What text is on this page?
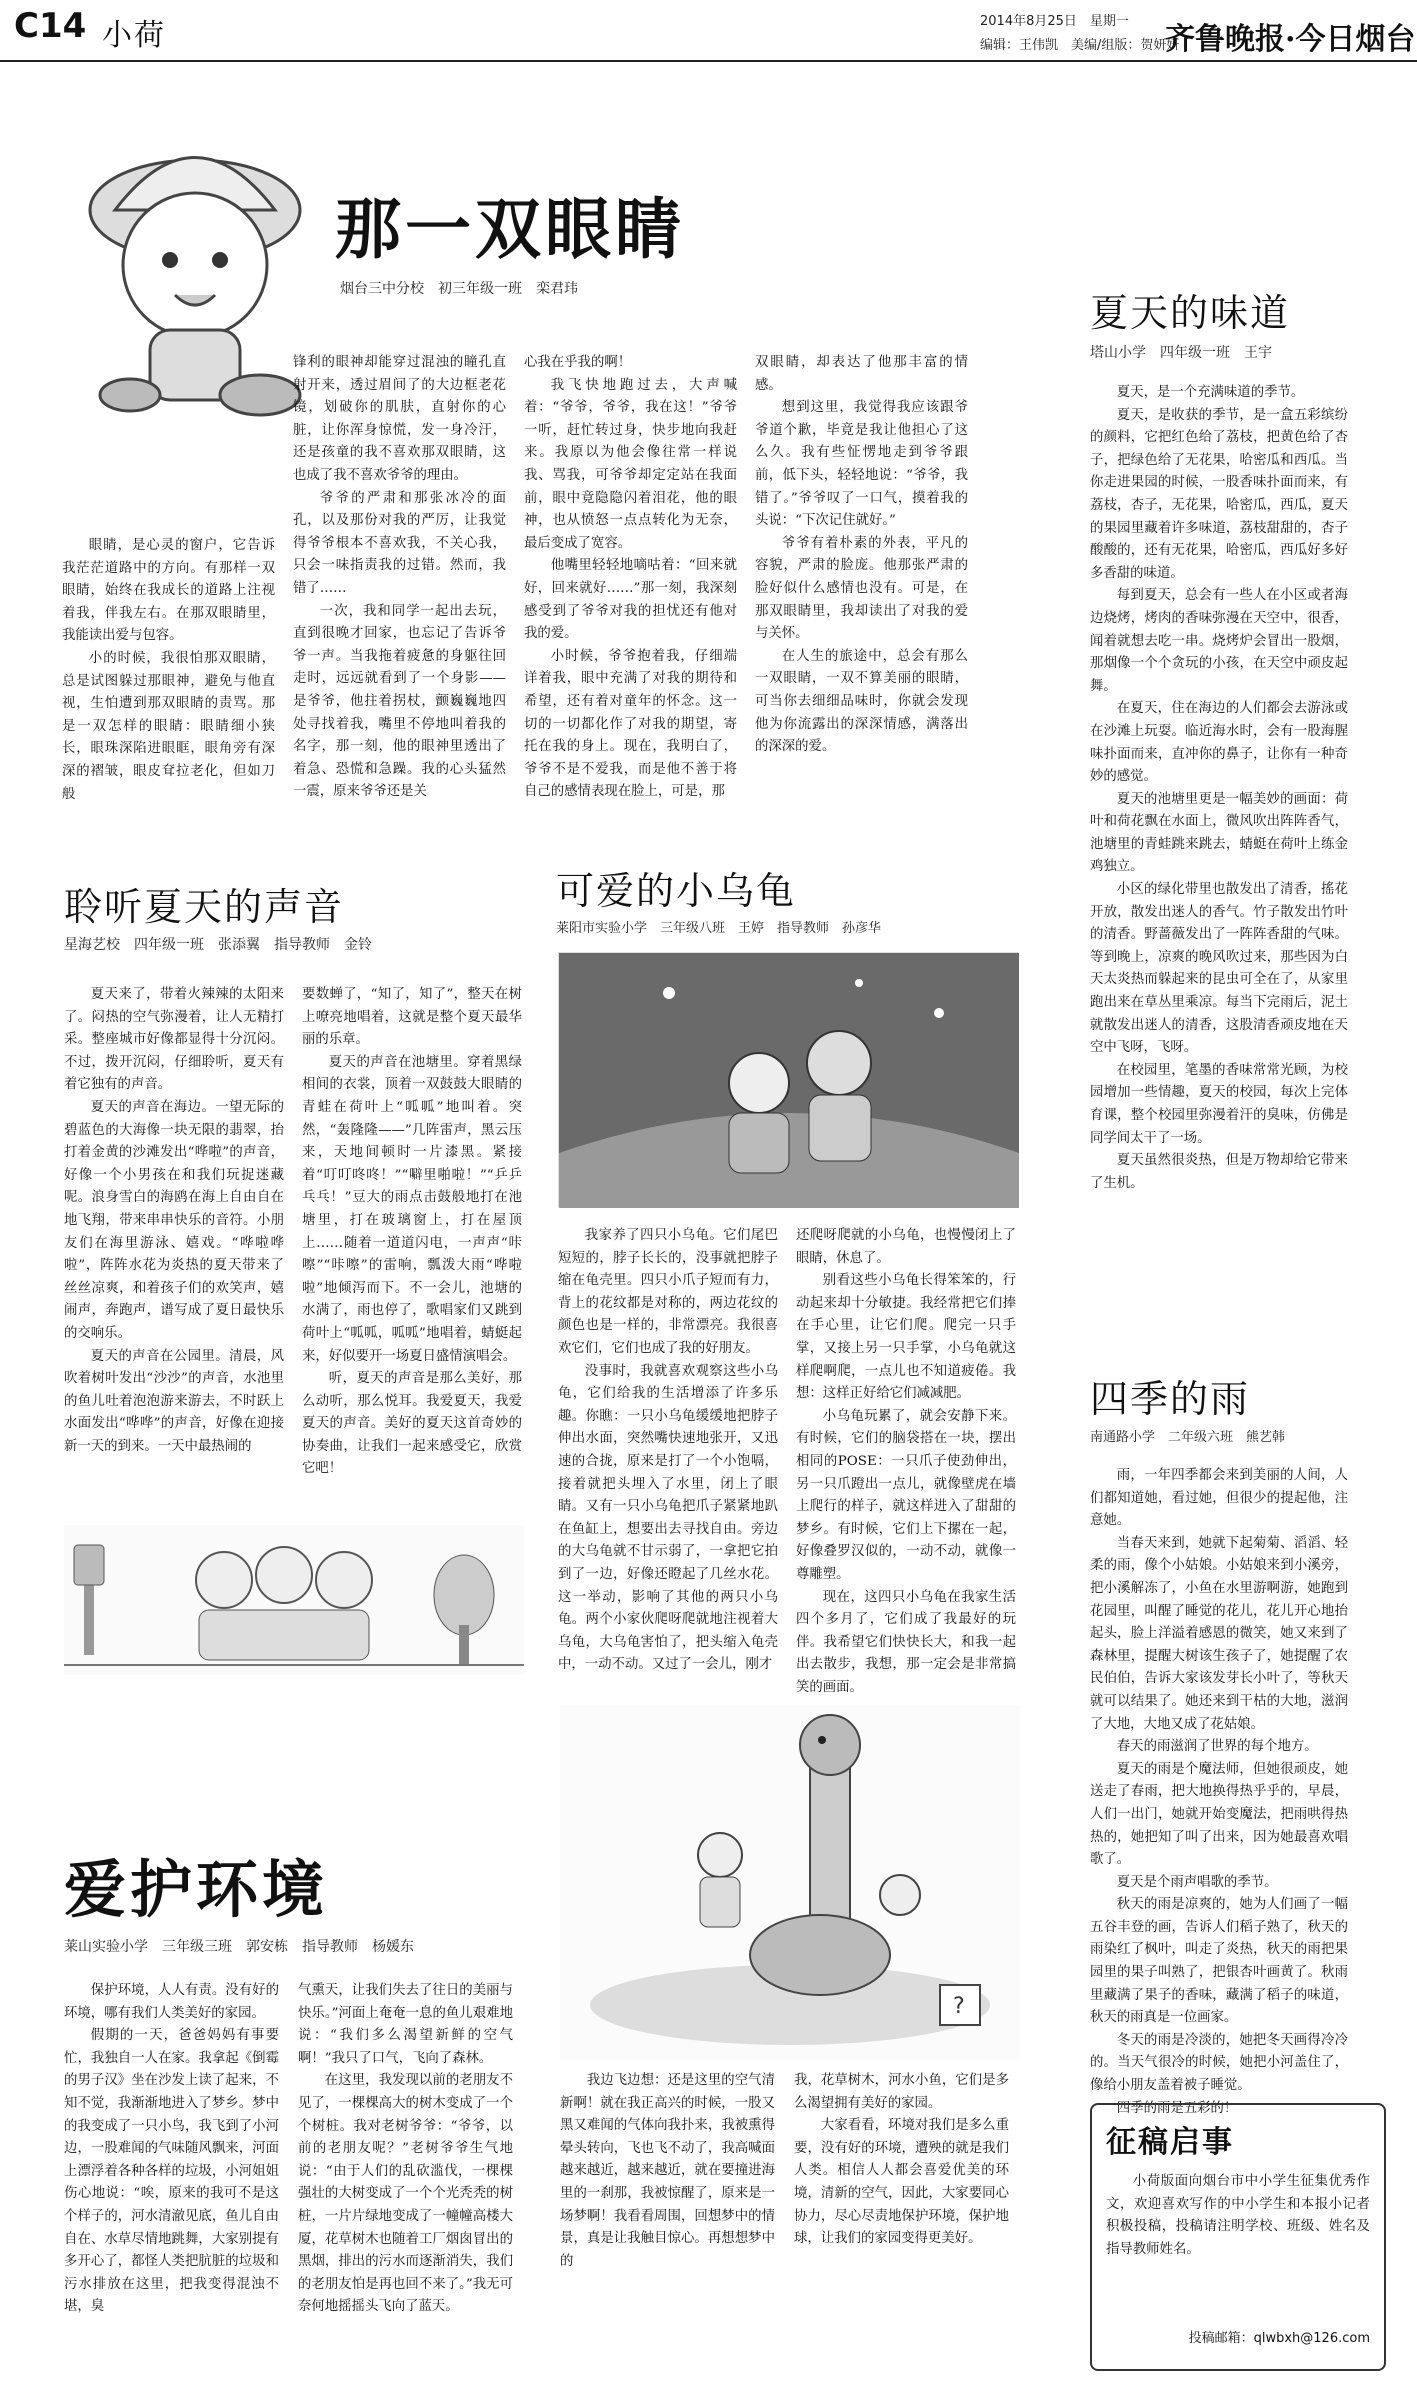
C14 小荷	2014年8月25日　星期一
编辑：王伟凯　美编/组版：贺妍妍
齐鲁晚报·今日烟台
那一双眼睛
烟台三中分校　初三年级一班　栾君玮

眼睛，是心灵的窗户，它告诉我茫茫道路中的方向。有那样一双眼睛，始终在我成长的道路上注视着我，伴我左右。在那双眼睛里，我能读出爱与包容。

小的时候，我很怕那双眼睛，总是试图躲过那眼神，避免与他直视，生怕遭到那双眼睛的责骂。那是一双怎样的眼睛：眼睛细小狭长，眼珠深陷进眼眶，眼角旁有深深的褶皱，眼皮耷拉老化，但如刀般

锋利的眼神却能穿过混浊的瞳孔直射开来，透过眉间了的大边框老花镜，划破你的肌肤，直射你的心脏，让你浑身惊慌，发一身冷汗，还是孩童的我不喜欢那双眼睛，这也成了我不喜欢爷爷的理由。

爷爷的严肃和那张冰冷的面孔，以及那份对我的严厉，让我觉得爷爷根本不喜欢我，不关心我，只会一味指责我的过错。然而，我错了……

一次，我和同学一起出去玩，直到很晚才回家，也忘记了告诉爷爷一声。当我拖着疲惫的身躯往回走时，远远就看到了一个身影——是爷爷，他拄着拐杖，颤巍巍地四处寻找着我，嘴里不停地叫着我的名字，那一刻，他的眼神里透出了着急、恐慌和急躁。我的心头猛然一震，原来爷爷还是关

心我在乎我的啊！

我飞快地跑过去，大声喊着：“爷爷，爷爷，我在这！”爷爷一听，赶忙转过身，快步地向我赶来。我原以为他会像往常一样说我、骂我，可爷爷却定定站在我面前，眼中竟隐隐闪着泪花，他的眼神，也从愤怒一点点转化为无奈，最后变成了宽容。

他嘴里轻轻地嘀咕着：“回来就好，回来就好……”那一刻，我深刻感受到了爷爷对我的担忧还有他对我的爱。

小时候，爷爷抱着我，仔细端详着我，眼中充满了对我的期待和希望，还有着对童年的怀念。这一切的一切都化作了对我的期望，寄托在我的身上。现在，我明白了，爷爷不是不爱我，而是他不善于将自己的感情表现在脸上，可是，那

双眼睛，却表达了他那丰富的情感。

想到这里，我觉得我应该跟爷爷道个歉，毕竟是我让他担心了这么久。我有些怔愣地走到爷爷跟前，低下头，轻轻地说：“爷爷，我错了。”爷爷叹了一口气，摸着我的头说：“下次记住就好。”

爷爷有着朴素的外表，平凡的容貌，严肃的脸庞。他那张严肃的脸好似什么感情也没有。可是，在那双眼睛里，我却读出了对我的爱与关怀。

在人生的旅途中，总会有那么一双眼睛，一双不算美丽的眼睛，可当你去细细品味时，你就会发现他为你流露出的深深情感，满落出的深深的爱。

夏天的味道
塔山小学　四年级一班　王宇

夏天，是一个充满味道的季节。

夏天，是收获的季节，是一盒五彩缤纷的颜料，它把红色给了荔枝，把黄色给了杏子，把绿色给了无花果，哈密瓜和西瓜。当你走进果园的时候，一股香味扑面而来，有荔枝，杏子，无花果，哈密瓜，西瓜，夏天的果园里藏着许多味道，荔枝甜甜的，杏子酸酸的，还有无花果，哈密瓜，西瓜好多好多香甜的味道。

每到夏天，总会有一些人在小区或者海边烧烤，烤肉的香味弥漫在天空中，很香，闻着就想去吃一串。烧烤炉会冒出一股烟，那烟像一个个贪玩的小孩，在天空中顽皮起舞。

在夏天，住在海边的人们都会去游泳或在沙滩上玩耍。临近海水时，会有一股海腥味扑面而来，直冲你的鼻子，让你有一种奇妙的感觉。

夏天的池塘里更是一幅美妙的画面：荷叶和荷花飘在水面上，微风吹出阵阵香气，池塘里的青蛙跳来跳去，蜻蜓在荷叶上练金鸡独立。

小区的绿化带里也散发出了清香，搖花开放，散发出迷人的香气。竹子散发出竹叶的清香。野蔷薇发出了一阵阵香甜的气味。等到晚上，凉爽的晚风吹过来，那些因为白天太炎热而躲起来的昆虫可全在了，从家里跑出来在草丛里乘凉。每当下完雨后，泥土就散发出迷人的清香，这股清香顽皮地在天空中飞呀，飞呀。

在校园里，笔墨的香味常常光顾，为校园增加一些情趣，夏天的校园，每次上完体育课，整个校园里弥漫着汗的臭味，仿佛是同学间太干了一场。

夏天虽然很炎热，但是万物却给它带来了生机。

聆听夏天的声音
星海艺校　四年级一班　张添翼　指导教师　金铃

夏天来了，带着火辣辣的太阳来了。闷热的空气弥漫着，让人无精打采。整座城市好像都显得十分沉闷。不过，拨开沉闷，仔细聆听，夏天有着它独有的声音。

夏天的声音在海边。一望无际的碧蓝色的大海像一块无限的翡翠，抬打着金黄的沙滩发出“哗啦”的声音，好像一个小男孩在和我们玩捉迷藏呢。浪身雪白的海鸥在海上自由自在地飞翔，带来串串快乐的音符。小朋友们在海里游泳、嬉戏。“哗啦哗啦”，阵阵水花为炎热的夏天带来了丝丝凉爽，和着孩子们的欢笑声，嬉闹声，奔跑声，谱写成了夏日最快乐的交响乐。

夏天的声音在公园里。清晨，风吹着树叶发出“沙沙”的声音，水池里的鱼儿吐着泡泡游来游去，不时跃上水面发出“哗哗”的声音，好像在迎接新一天的到来。一天中最热闹的

要数蝉了，“知了，知了”，整天在树上嘹亮地唱着，这就是整个夏天最华丽的乐章。

夏天的声音在池塘里。穿着黑绿相间的衣裳，顶着一双鼓鼓大眼睛的青蛙在荷叶上“呱呱”地叫着。突然，“轰隆隆——”几阵雷声，黑云压来，天地间顿时一片漆黑。紧接着“叮叮咚咚！”“噼里啪啦！”“乒乒乓乓！”豆大的雨点击鼓般地打在池塘里，打在玻璃窗上，打在屋顶上……随着一道道闪电，一声声“咔嚓”“咔嚓”的雷响，瓢泼大雨“哗啦啦”地倾泻而下。不一会儿，池塘的水满了，雨也停了，歌唱家们又跳到荷叶上“呱呱，呱呱”地唱着，蜻蜓起来，好似要开一场夏日盛情演唱会。

听，夏天的声音是那么美好，那么动听，那么悦耳。我爱夏天，我爱夏天的声音。美好的夏天这首奇妙的协奏曲，让我们一起来感受它，欣赏它吧！

可爱的小乌龟
莱阳市实验小学　三年级八班　王婷　指导教师　孙彦华

我家养了四只小乌龟。它们尾巴短短的，脖子长长的，没事就把脖子缩在龟壳里。四只小爪子短而有力，背上的花纹都是对称的，两边花纹的颜色也是一样的，非常漂亮。我很喜欢它们，它们也成了我的好朋友。

没事时，我就喜欢观察这些小乌龟，它们给我的生活增添了许多乐趣。你瞧：一只小乌龟缓缓地把脖子伸出水面，突然嘴快速地张开，又迅速的合拢，原来是打了一个小饱嗝，接着就把头埋入了水里，闭上了眼睛。又有一只小乌龟把爪子紧紧地趴在鱼缸上，想要出去寻找自由。旁边的大乌龟就不甘示弱了，一拿把它拍到了一边，好像还瞪起了几丝水花。这一举动，影响了其他的两只小乌龟。两个小家伙爬呀爬就地注视着大乌龟，大乌龟害怕了，把头缩入龟壳中，一动不动。又过了一会儿，刚才

还爬呀爬就的小乌龟，也慢慢闭上了眼睛，休息了。

别看这些小乌龟长得笨笨的，行动起来却十分敏捷。我经常把它们捧在手心里，让它们爬。爬完一只手掌，又接上另一只手掌，小乌龟就这样爬啊爬，一点儿也不知道疲倦。我想：这样正好给它们减减肥。

小乌龟玩累了，就会安静下来。有时候，它们的脑袋搭在一块，摆出相同的POSE：一只爪子使劲伸出，另一只爪蹬出一点儿，就像壁虎在墙上爬行的样子，就这样进入了甜甜的梦乡。有时候，它们上下摞在一起，好像叠罗汉似的，一动不动，就像一尊雕塑。

现在，这四只小乌龟在我家生活四个多月了，它们成了我最好的玩伴。我希望它们快快长大，和我一起出去散步，我想，那一定会是非常搞笑的画面。

四季的雨
南通路小学　二年级六班　熊艺韩

雨，一年四季都会来到美丽的人间，人们都知道她，看过她，但很少的提起他，注意她。

当春天来到，她就下起菊菊、滔滔、轻柔的雨，像个小姑娘。小姑娘来到小溪旁，把小溪解冻了，小鱼在水里游啊游，她跑到花园里，叫醒了睡觉的花儿，花儿开心地抬起头，脸上洋溢着感恩的微笑，她又来到了森林里，提醒大树该生孩子了，她提醒了农民伯伯，告诉大家该发芽长小叶了，等秋天就可以结果了。她还来到干枯的大地，滋润了大地，大地又成了花姑娘。

春天的雨滋润了世界的每个地方。

夏天的雨是个魔法师，但她很顽皮，她送走了春雨，把大地换得热乎乎的，早晨，人们一出门，她就开始变魔法，把雨哄得热热的，她把知了叫了出来，因为她最喜欢唱歌了。

夏天是个雨声唱歌的季节。

秋天的雨是凉爽的，她为人们画了一幅五谷丰登的画，告诉人们稻子熟了，秋天的雨染红了枫叶，叫走了炎热，秋天的雨把果园里的果子叫熟了，把银杏叶画黄了。秋雨里藏满了果子的香味，藏满了稻子的味道，秋天的雨真是一位画家。

冬天的雨是冷淡的，她把冬天画得冷冷的。当天气很冷的时候，她把小河盖住了，像给小朋友盖着被子睡觉。

四季的雨是五彩的！

爱护环境
莱山实验小学　三年级三班　郭安栋　指导教师　杨媛东

保护环境，人人有责。没有好的环境，哪有我们人类美好的家园。

假期的一天，爸爸妈妈有事要忙，我独自一人在家。我拿起《倒霉的男子汉》坐在沙发上读了起来，不知不觉，我渐渐地进入了梦乡。梦中的我变成了一只小鸟，我飞到了小河边，一股难闻的气味随风飘来，河面上漂浮着各种各样的垃圾，小河姐姐伤心地说：“唉，原来的我可不是这个样子的，河水清澈见底，鱼儿自由自在、水草尽情地跳舞，大家别提有多开心了，都怪人类把肮脏的垃圾和污水排放在这里，把我变得混浊不堪，臭

气熏天，让我们失去了往日的美丽与快乐。”河面上奄奄一息的鱼儿艰难地说：“我们多么渴望新鲜的空气啊！”我只了口气，飞向了森林。

在这里，我发现以前的老朋友不见了，一棵棵高大的树木变成了一个个树桩。我对老树爷爷：“爷爷，以前的老朋友呢？”老树爷爷生气地说：“由于人们的乱砍滥伐，一棵棵强壮的大树变成了一个个光秃秃的树桩，一片片绿地变成了一幢幢高楼大厦，花草树木也随着工厂烟囱冒出的黑烟，排出的污水而逐渐消失，我们的老朋友怕是再也回不来了。”我无可奈何地摇摇头飞向了蓝天。

?

我边飞边想：还是这里的空气清新啊！就在我正高兴的时候，一股又黑又难闻的气体向我扑来，我被熏得晕头转向，飞也飞不动了，我高喊面越来越近，越来越近，就在要撞进海里的一刹那，我被惊醒了，原来是一场梦啊！我看看周围，回想梦中的情景，真是让我触目惊心。再想想梦中的

我，花草树木，河水小鱼，它们是多么渴望拥有美好的家园。

大家看看，环境对我们是多么重要，没有好的环境，遭殃的就是我们人类。相信人人都会喜爱优美的环境，清新的空气，因此，大家要同心协力，尽心尽责地保护环境，保护地球，让我们的家园变得更美好。

征稿启事

小荷版面向烟台市中小学生征集优秀作文，欢迎喜欢写作的中小学生和本报小记者积极投稿，投稿请注明学校、班级、姓名及指导教师姓名。

投稿邮箱：qlwbxh@126.com
